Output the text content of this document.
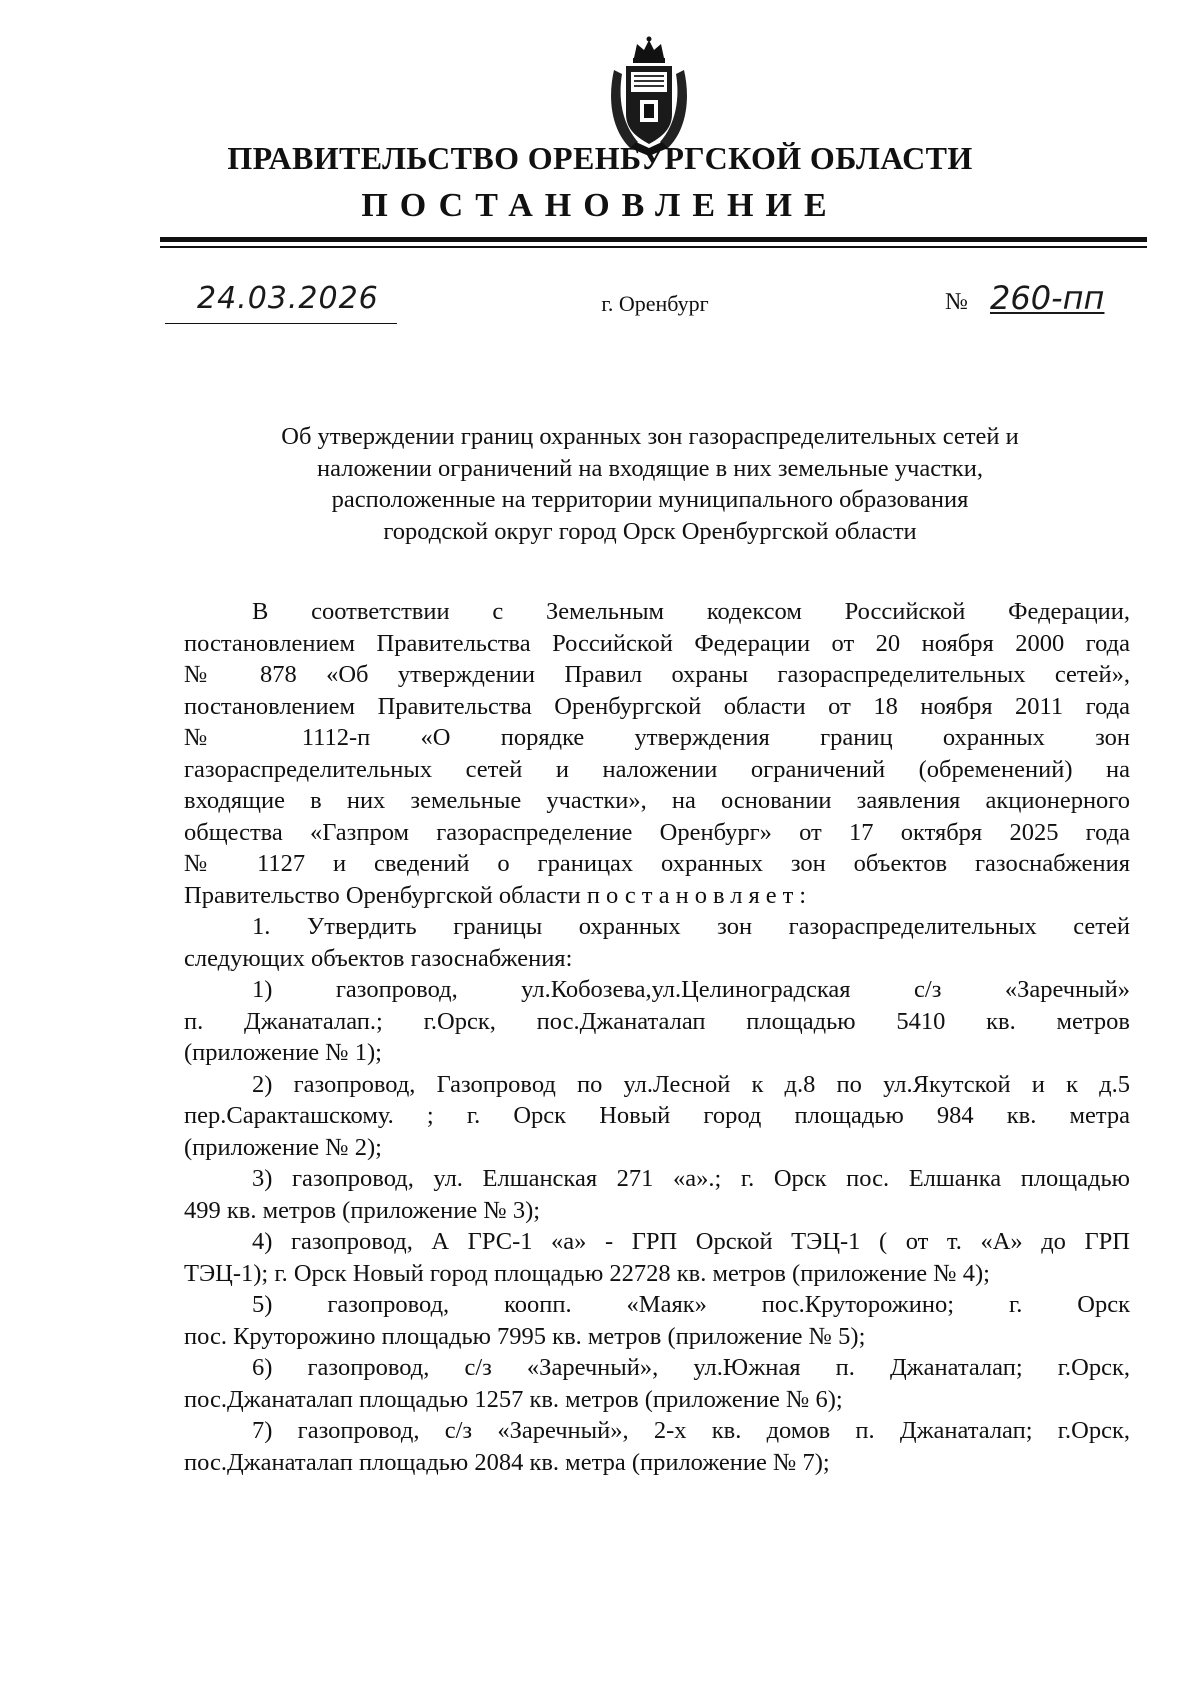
ПРАВИТЕЛЬСТВО ОРЕНБУРГСКОЙ ОБЛАСТИ
ПОСТАНОВЛЕНИЕ
24.03.2026	г. Оренбург	№ 260-пп
Об утверждении границ охранных зон газораспределительных сетей и
наложении ограничений на входящие в них земельные участки,
расположенные на территории муниципального образования
городской округ город Орск Оренбургской области
В соответствии с Земельным кодексом Российской Федерации,
постановлением Правительства Российской Федерации от 20 ноября 2000 года
№ 878 «Об утверждении Правил охраны газораспределительных сетей»,
постановлением Правительства Оренбургской области от 18 ноября 2011 года
№ 1112-п «О порядке утверждения границ охранных зон
газораспределительных сетей и наложении ограничений (обременений) на
входящие в них земельные участки», на основании заявления акционерного
общества «Газпром газораспределение Оренбург» от 17 октября 2025 года
№ 1127 и сведений о границах охранных зон объектов газоснабжения
Правительство Оренбургской области постановляет:
1. Утвердить границы охранных зон газораспределительных сетей
следующих объектов газоснабжения:
1) газопровод, ул.Кобозева,ул.Целиноградская с/з «Заречный»
п. Джанаталап.; г.Орск, пос.Джанаталап площадью 5410 кв. метров
(приложение № 1);
2) газопровод, Газопровод по ул.Лесной к д.8 по ул.Якутской и к д.5
пер.Саракташскому. ; г. Орск Новый город площадью 984 кв. метра
(приложение № 2);
3) газопровод, ул. Елшанская 271 «а».; г. Орск пос. Елшанка площадью
499 кв. метров (приложение № 3);
4) газопровод, А ГРС-1 «а» - ГРП Орской ТЭЦ-1 ( от т. «А» до ГРП
ТЭЦ-1); г. Орск Новый город площадью 22728 кв. метров (приложение № 4);
5) газопровод, коопп. «Маяк» пос.Круторожино; г. Орск
пос. Круторожино площадью 7995 кв. метров (приложение № 5);
6) газопровод, с/з «Заречный», ул.Южная п. Джанаталап; г.Орск,
пос.Джанаталап площадью 1257 кв. метров (приложение № 6);
7) газопровод, с/з «Заречный», 2-х кв. домов п. Джанаталап; г.Орск,
пос.Джанаталап площадью 2084 кв. метра (приложение № 7);
